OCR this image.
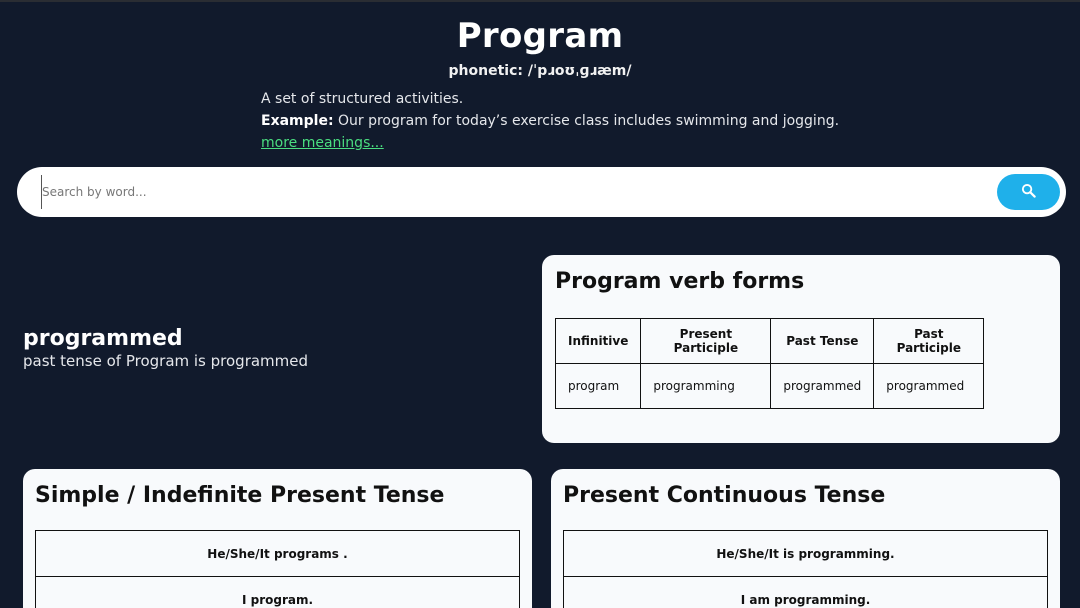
Program
phonetic: /ˈpɹoʊˌɡɹæm/
A set of structured activities.
Example: Our program for today’s exercise class includes swimming and jogging.
more meanings...
Search by word...
programmed
past tense of Program is programmed
Program verb forms
Infinitive	Present Participle	Past Tense	Past Participle
program	programming	programmed	programmed
Simple / Indefinite Present Tense
He/She/It programs .
I program.
Present Continuous Tense
He/She/It is programming.
I am programming.
